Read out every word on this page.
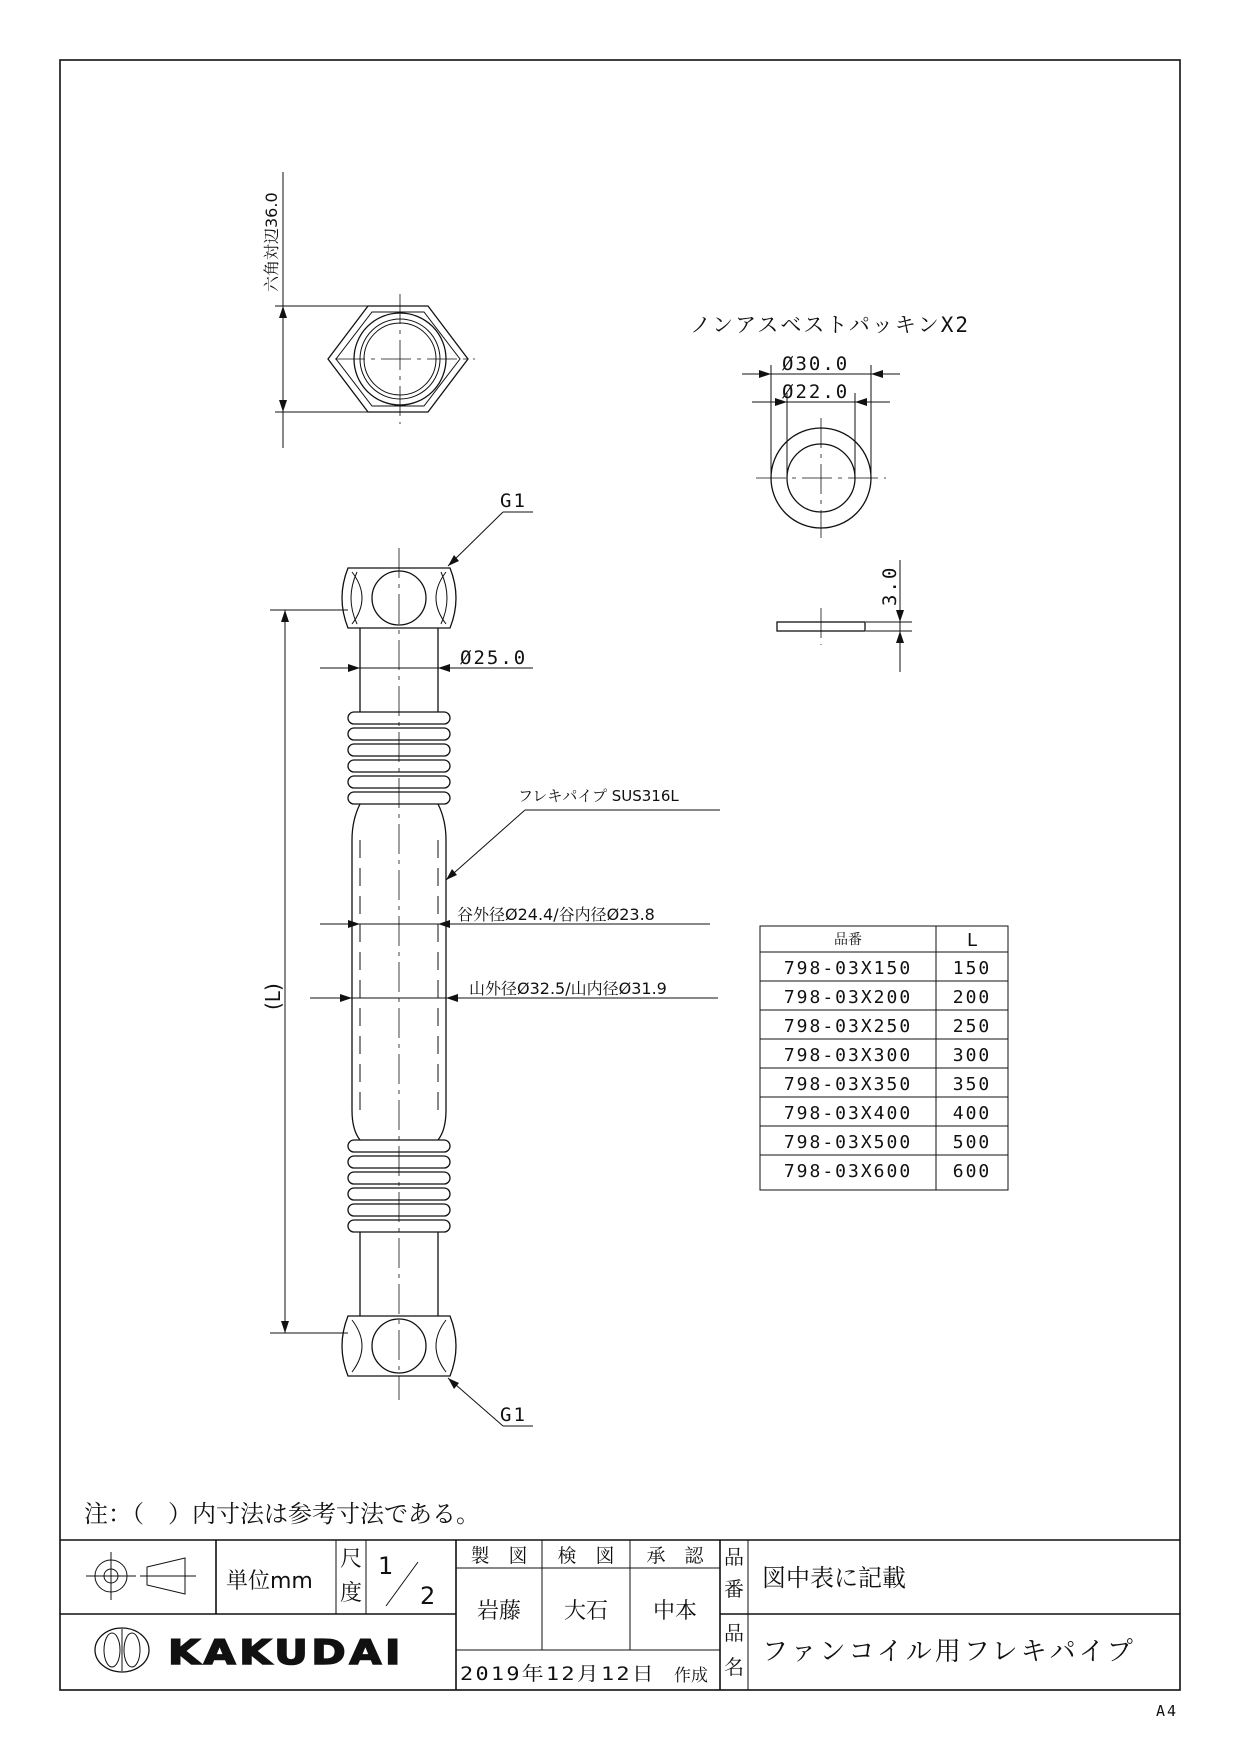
六角対辺36.0
ノンアスベストパッキンX2
Ø30.0
Ø22.0
3.0
(L)
G1
G1
Ø25.0
フレキパイプ SUS316L
谷外径Ø24.4/谷内径Ø23.8
山外径Ø32.5/山内径Ø31.9
品番	L
798-03X150 150
798-03X200 200
798-03X250 250
798-03X300 300
798-03X350 350
798-03X400 400
798-03X500 500
798-03X600 600
注：（　）内寸法は参考寸法である。
単位mm
尺
度
1
2
製　図 検　図 承　認
岩藤 大石 中本
2019年12月12日 作成
品
番 図中表に記載
品
名 ファンコイル用フレキパイプ
KAKUDAI
A4
